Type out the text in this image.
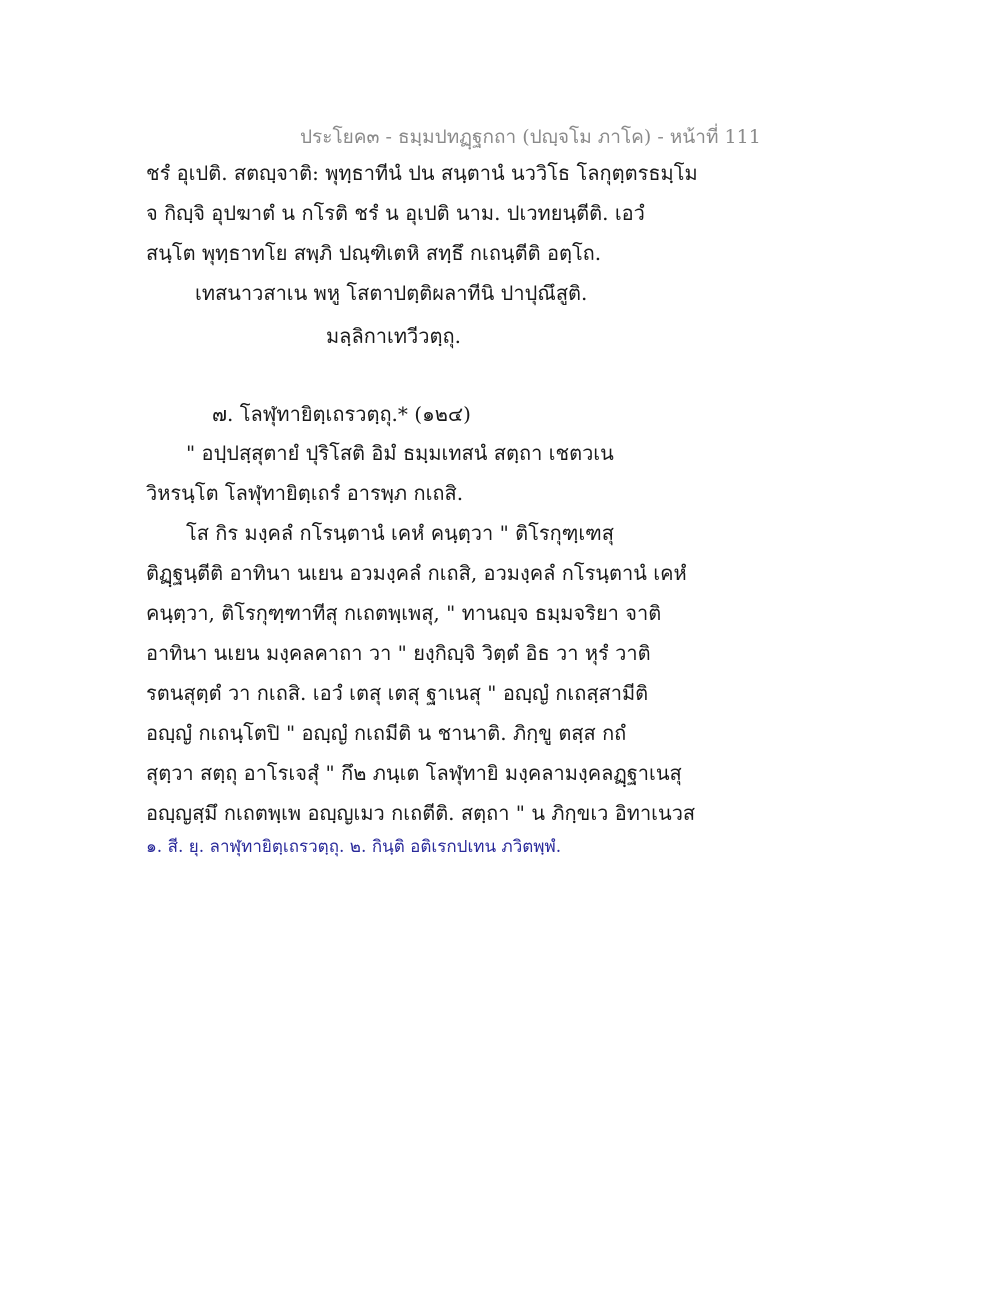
ประโยค๓ - ธมฺมปทฏฺฐกถา (ปญฺจโม ภาโค) - หน้าที่ 111
ชรํ อุเปติ. สตญฺจาติ: พุทฺธาทีนํ ปน สนฺตานํ นววิโธ โลกุตฺตรธมฺโม
จ กิญฺจิ อุปฆาตํ น กโรติ ชรํ น อุเปติ นาม. ปเวทยนฺตีติ. เอวํ
สนฺโต พุทฺธาทโย สพฺภิ ปณฺฑิเตหิ สทฺธึ กเถนฺตีติ อตฺโถ.
เทสนาวสาเน พหู โสตาปตฺติผลาทีนิ ปาปุณึสูติ.
มลฺลิกาเทวีวตฺถุ.
๗. โลฬุทายิตฺเถรวตฺถุ.* (๑๒๔)
" อปฺปสฺสุตายํ ปุริโสติ อิมํ ธมฺมเทสนํ สตฺถา เชตวเน
วิหรนฺโต โลฬุทายิตฺเถรํ อารพฺภ กเถสิ.
โส กิร มงฺคลํ กโรนฺตานํ เคหํ คนฺตฺวา " ติโรกุฑฺเฑสุ
ติฏฺฐนฺตีติ อาทินา นเยน อวมงฺคลํ กเถสิ, อวมงฺคลํ กโรนฺตานํ เคหํ
คนฺตฺวา, ติโรกุฑฺฑาทีสุ กเถตพฺเพสุ, " ทานญฺจ ธมฺมจริยา จาติ
อาทินา นเยน มงฺคลคาถา วา " ยงฺกิญฺจิ วิตฺตํ อิธ วา หุรํ วาติ
รตนสุตฺตํ วา กเถสิ. เอวํ เตสุ เตสุ ฐาเนสุ " อญฺญํ กเถสฺสามีติ
อญฺญํ กเถนฺโตปิ " อญฺญํ กเถมีติ น ชานาติ. ภิกฺขู ตสฺส กถํ
สุตฺวา สตฺถุ อาโรเจสุํ " กึ๒ ภนฺเต โลฬุทายิ มงฺคลามงฺคลฏฺฐาเนสุ
อญฺญสฺมึ กเถตพฺเพ อญฺญเมว กเถตีติ. สตฺถา " น ภิกฺขเว อิทาเนวส
๑. สี. ยุ. ลาฬุทายิตฺเถรวตฺถุ. ๒. กินฺติ อติเรกปเทน ภวิตพฺพํ.
